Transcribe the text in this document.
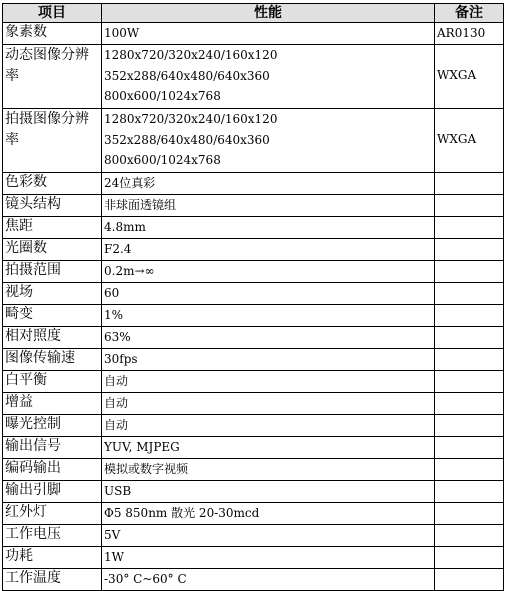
项目	性能	备注
象素数	100W	AR0130
动态图像分辨率	1280x720/320x240/160x120
352x288/640x480/640x360
800x600/1024x768	WXGA
拍摄图像分辨率	1280x720/320x240/160x120
352x288/640x480/640x360
800x600/1024x768	WXGA
色彩数	24位真彩	

镜头结构	非球面透镜组	

焦距	4.8mm	

光圈数	F2.4	

拍摄范围	0.2m→∞	

视场	60	

畸变	1%	

相对照度	63%	

图像传输速	30fps	

白平衡	自动	

增益	自动	

曝光控制	自动	

输出信号	YUV, MJPEG	

编码输出	模拟或数字视频	

输出引脚	USB	

红外灯	Φ5 850nm 散光 20-30mcd	

工作电压	5V	

功耗	1W	

工作温度	-30° C~60° C	
